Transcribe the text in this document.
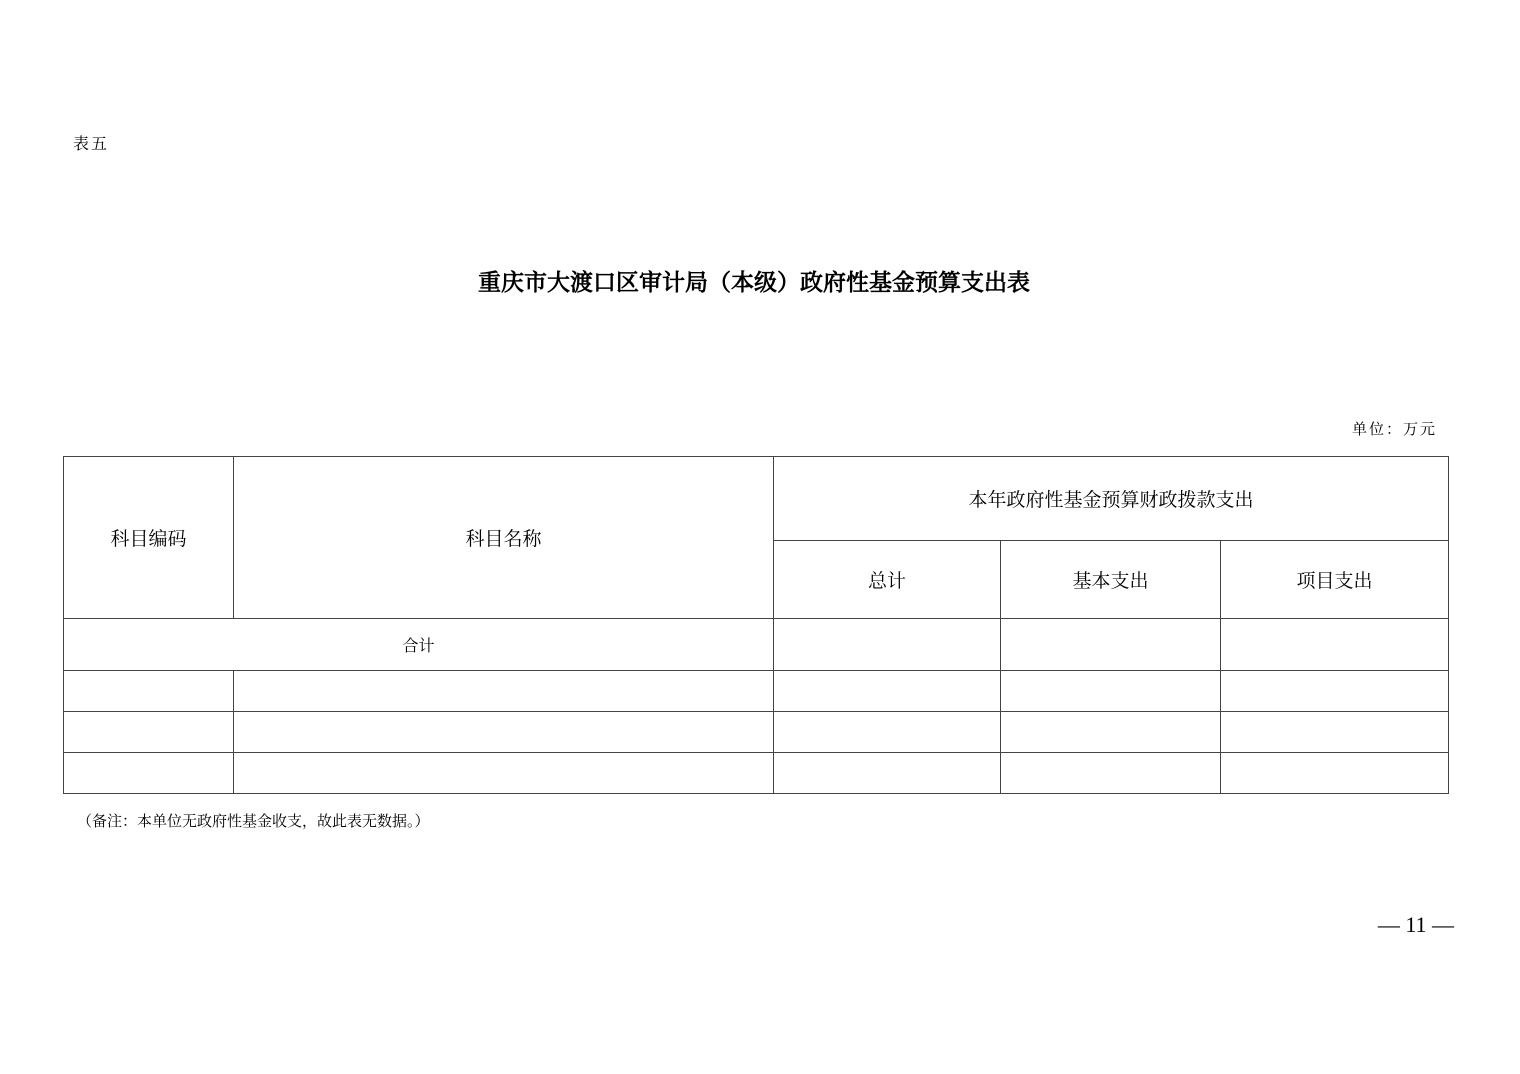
表五
重庆市大渡口区审计局（本级）政府性基金预算支出表
单位：万元
科目编码	科目名称	本年政府性基金预算财政拨款支出		
		总计	基本支出	项目支出
合计				

（备注：本单位无政府性基金收支，故此表无数据。）
— 11 —
